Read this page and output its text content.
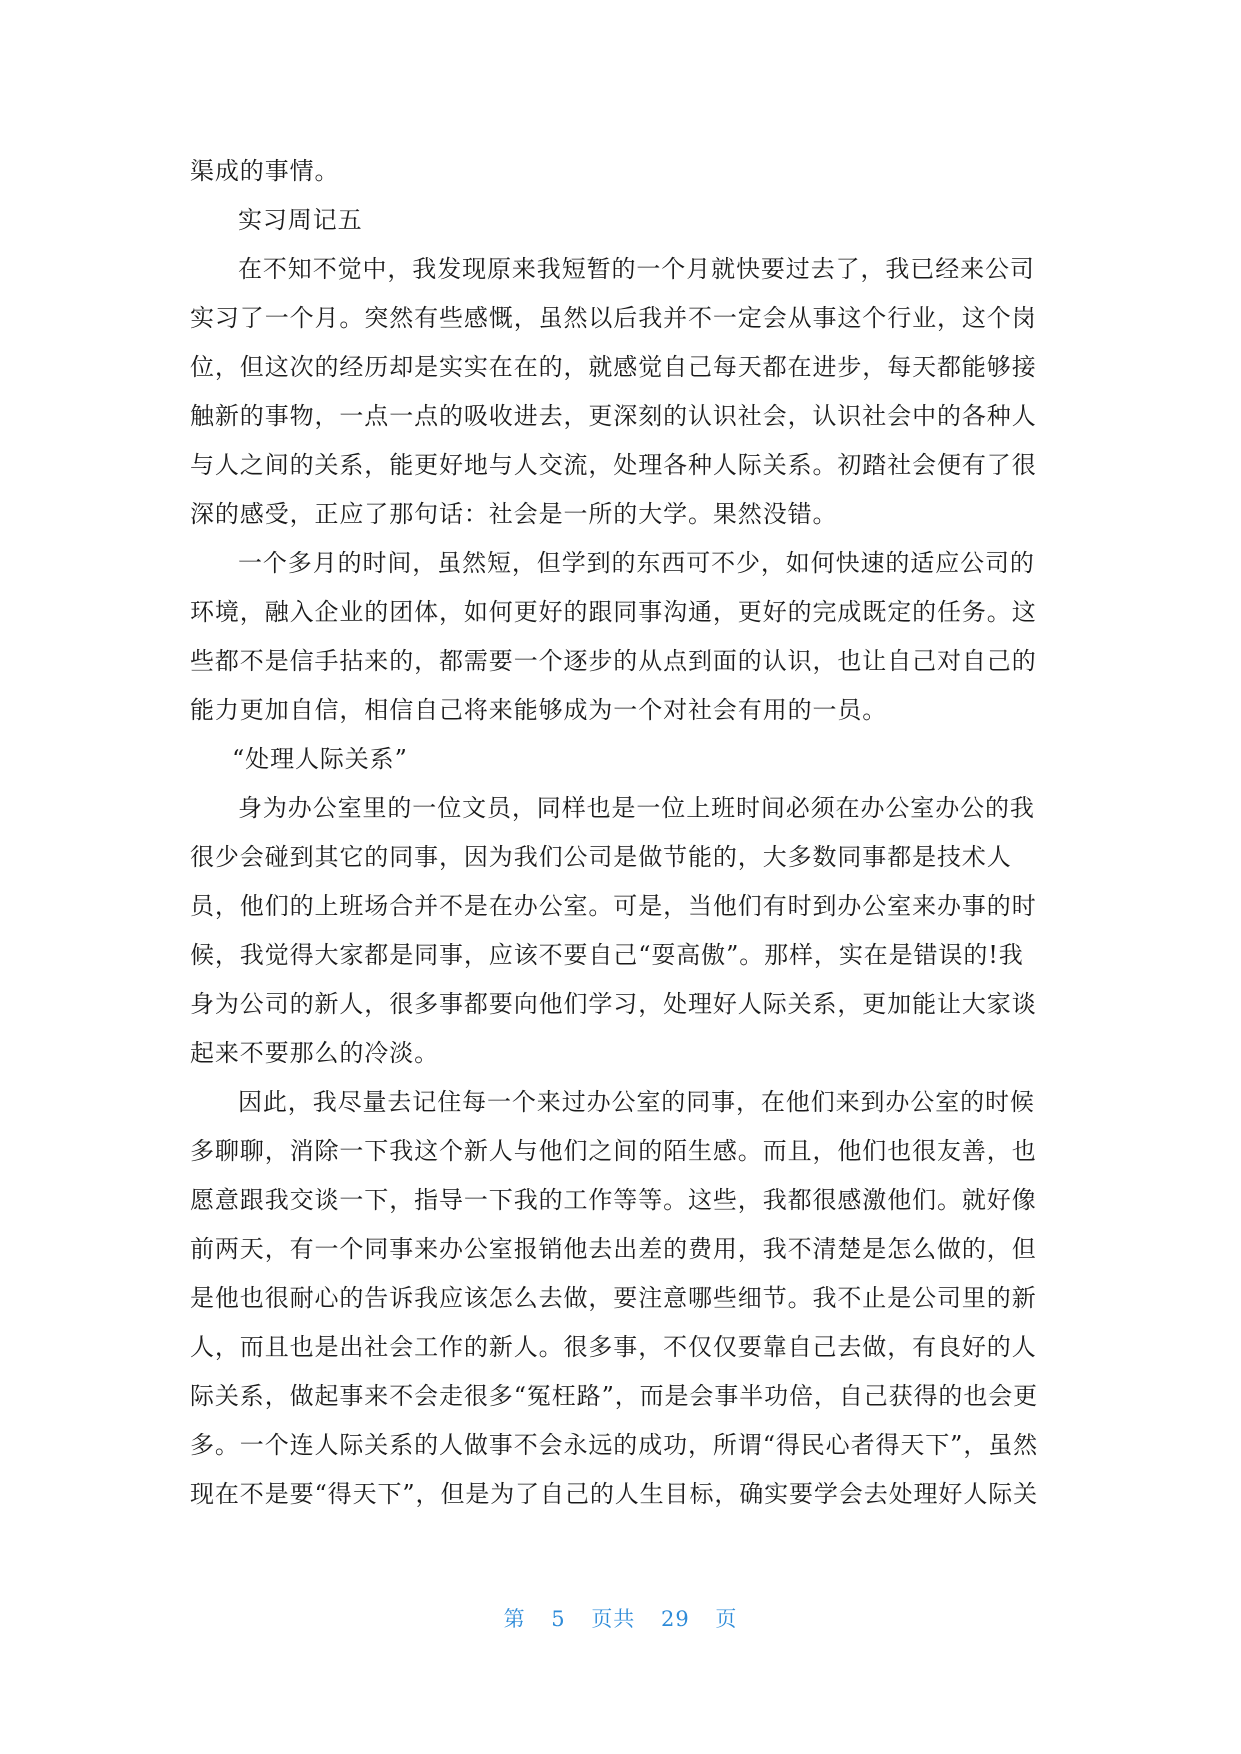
渠成的事情。
实习周记五
在不知不觉中，我发现原来我短暂的一个月就快要过去了，我已经来公司
实习了一个月。突然有些感慨，虽然以后我并不一定会从事这个行业，这个岗
位，但这次的经历却是实实在在的，就感觉自己每天都在进步，每天都能够接
触新的事物，一点一点的吸收进去，更深刻的认识社会，认识社会中的各种人
与人之间的关系，能更好地与人交流，处理各种人际关系。初踏社会便有了很
深的感受，正应了那句话：社会是一所的大学。果然没错。
一个多月的时间，虽然短，但学到的东西可不少，如何快速的适应公司的
环境，融入企业的团体，如何更好的跟同事沟通，更好的完成既定的任务。这
些都不是信手拈来的，都需要一个逐步的从点到面的认识，也让自己对自己的
能力更加自信，相信自己将来能够成为一个对社会有用的一员。
“处理人际关系”
身为办公室里的一位文员，同样也是一位上班时间必须在办公室办公的我
很少会碰到其它的同事，因为我们公司是做节能的，大多数同事都是技术人
员，他们的上班场合并不是在办公室。可是，当他们有时到办公室来办事的时
候，我觉得大家都是同事，应该不要自己“耍高傲”。那样，实在是错误的!我
身为公司的新人，很多事都要向他们学习，处理好人际关系，更加能让大家谈
起来不要那么的冷淡。
因此，我尽量去记住每一个来过办公室的同事，在他们来到办公室的时候
多聊聊，消除一下我这个新人与他们之间的陌生感。而且，他们也很友善，也
愿意跟我交谈一下，指导一下我的工作等等。这些，我都很感激他们。就好像
前两天，有一个同事来办公室报销他去出差的费用，我不清楚是怎么做的，但
是他也很耐心的告诉我应该怎么去做，要注意哪些细节。我不止是公司里的新
人，而且也是出社会工作的新人。很多事，不仅仅要靠自己去做，有良好的人
际关系，做起事来不会走很多“冤枉路”，而是会事半功倍，自己获得的也会更
多。一个连人际关系的人做事不会永远的成功，所谓“得民心者得天下”，虽然
现在不是要“得天下”，但是为了自己的人生目标，确实要学会去处理好人际关
第 5 页共 29 页
